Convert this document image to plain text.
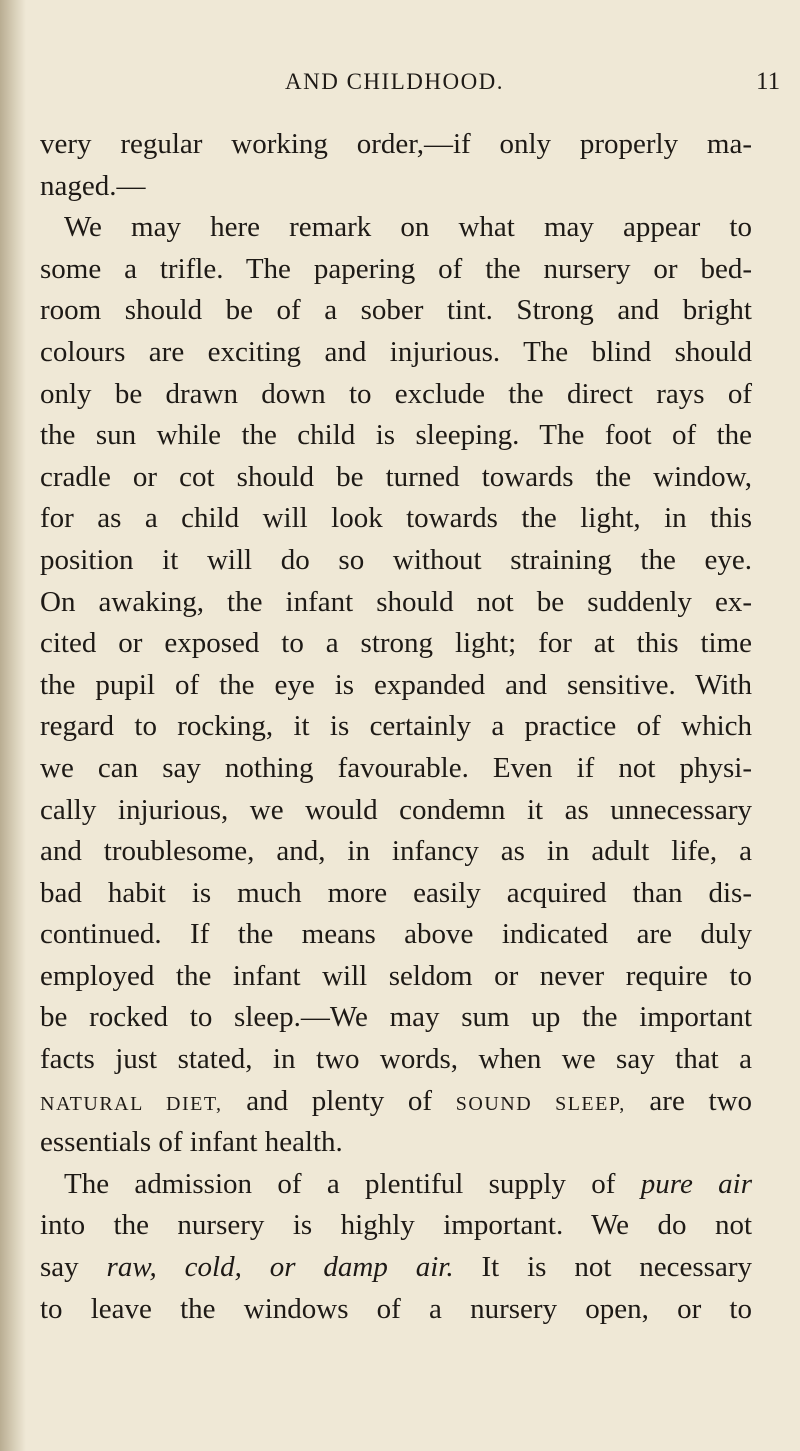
AND CHILDHOOD.	11
very regular working order,—if only properly ma-
naged.—
We may here remark on what may appear to
some a trifle. The papering of the nursery or bed-
room should be of a sober tint. Strong and bright
colours are exciting and injurious. The blind should
only be drawn down to exclude the direct rays of
the sun while the child is sleeping. The foot of the
cradle or cot should be turned towards the window,
for as a child will look towards the light, in this
position it will do so without straining the eye.
On awaking, the infant should not be suddenly ex-
cited or exposed to a strong light; for at this time
the pupil of the eye is expanded and sensitive. With
regard to rocking, it is certainly a practice of which
we can say nothing favourable. Even if not physi-
cally injurious, we would condemn it as unnecessary
and troublesome, and, in infancy as in adult life, a
bad habit is much more easily acquired than dis-
continued. If the means above indicated are duly
employed the infant will seldom or never require to
be rocked to sleep.—We may sum up the important
facts just stated, in two words, when we say that a
NATURAL DIET, and plenty of SOUND SLEEP, are two
essentials of infant health.
The admission of a plentiful supply of pure air
into the nursery is highly important. We do not
say raw, cold, or damp air. It is not necessary
to leave the windows of a nursery open, or to
